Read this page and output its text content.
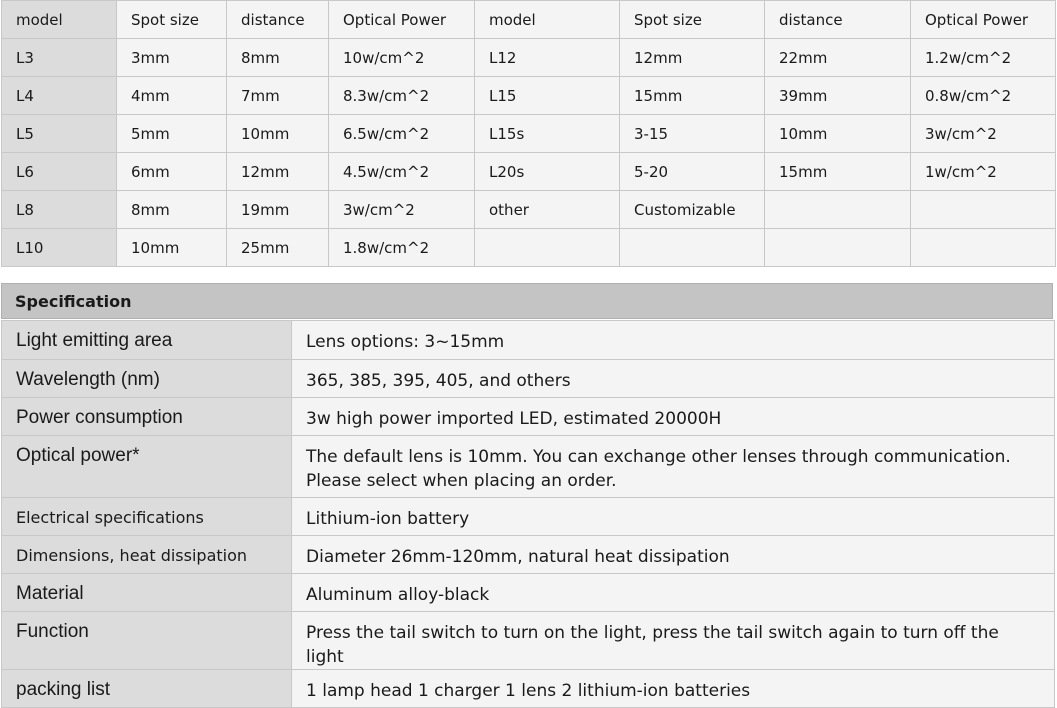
model	Spot size	distance	Optical Power	model	Spot size	distance	Optical Power
L3	3mm	8mm	10w/cm^2	L12	12mm	22mm	1.2w/cm^2
L4	4mm	7mm	8.3w/cm^2	L15	15mm	39mm	0.8w/cm^2
L5	5mm	10mm	6.5w/cm^2	L15s	3-15	10mm	3w/cm^2
L6	6mm	12mm	4.5w/cm^2	L20s	5-20	15mm	1w/cm^2
L8	8mm	19mm	3w/cm^2	other	Customizable		
L10	10mm	25mm	1.8w/cm^2				
Specification
Light emitting area	Lens options: 3~15mm
Wavelength (nm)	365, 385, 395, 405, and others
Power consumption	3w high power imported LED, estimated 20000H
Optical power*	The default lens is 10mm. You can exchange other lenses through communication. Please select when placing an order.
Electrical specifications	Lithium-ion battery
Dimensions, heat dissipation	Diameter 26mm-120mm, natural heat dissipation
Material	Aluminum alloy-black
Function	Press the tail switch to turn on the light, press the tail switch again to turn off the light
packing list	1 lamp head 1 charger 1 lens 2 lithium-ion batteries
